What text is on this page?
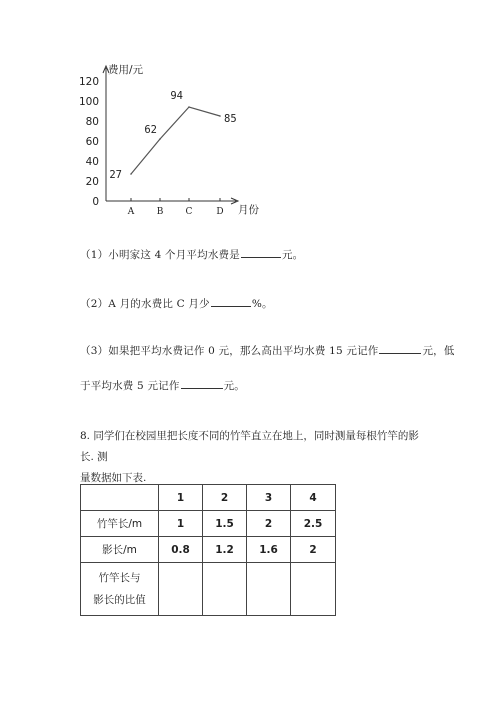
0
20
40
60
80
100
120
A B C	D
27
62
94
85
费用/元
月份
（1）小明家这 4 个月平均水费是	元。
（2）A 月的水费比 C 月少	%。
（3）如果把平均水费记作 0 元，那么高出平均水费 15 元记作	元，低
于平均水费 5 元记作	元。
8. 同学们在校园里把长度不同的竹竿直立在地上，同时测量每根竹竿的影长. 测
量数据如下表.
	1	2	3	4
竹竿长/m	1	1.5	2	2.5
影长/m	0.8	1.2	1.6	2

竹竿长与
影长的比值				
